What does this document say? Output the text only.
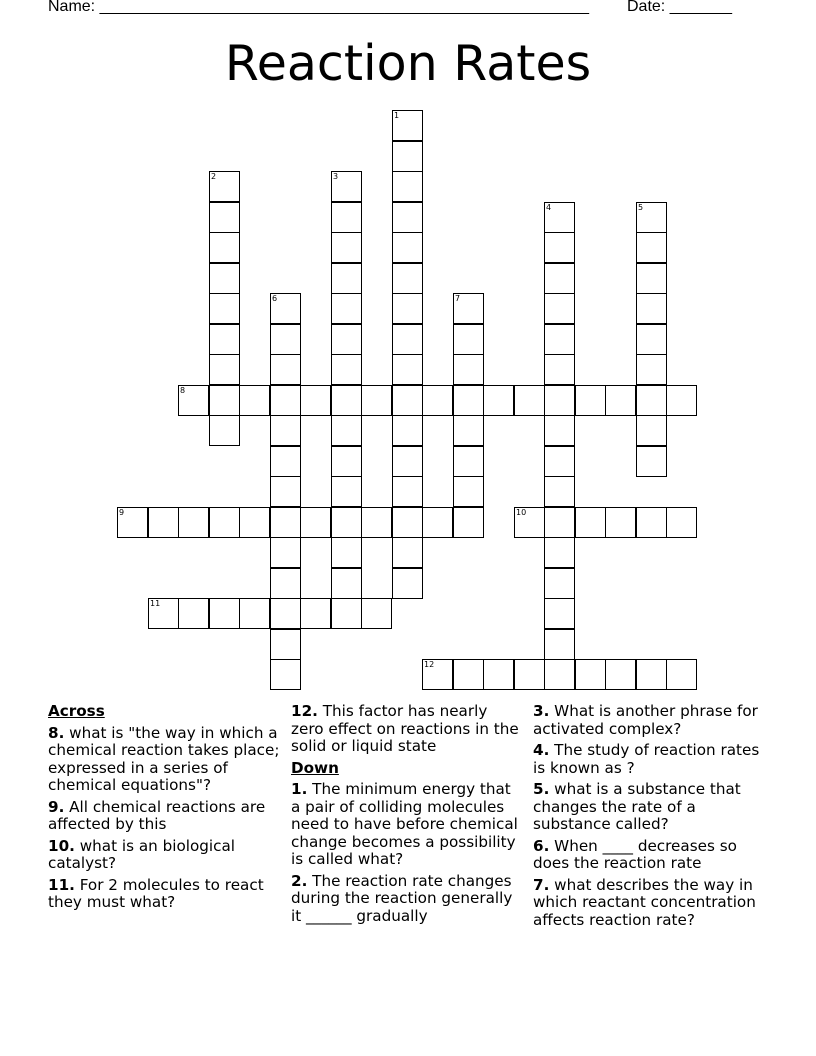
Name: _______________________________________________________ Date: _______
Reaction Rates
1
2	3
4	5
6	7
8
9	10
11
12
Across
8. what is "the way in which a chemical reaction takes place; expressed in a series of chemical equations"?
9. All chemical reactions are affected by this
10. what is an biological catalyst?
11. For 2 molecules to react they must what?
12. This factor has nearly zero effect on reactions in the solid or liquid state
Down
1. The minimum energy that a pair of colliding molecules need to have before chemical change becomes a possibility is called what?
2. The reaction rate changes during the reaction generally it ______ gradually
3. What is another phrase for activated complex?
4. The study of reaction rates is known as ?
5. what is a substance that changes the rate of a substance called?
6. When ____ decreases so does the reaction rate
7. what describes the way in which reactant concentration affects reaction rate?
